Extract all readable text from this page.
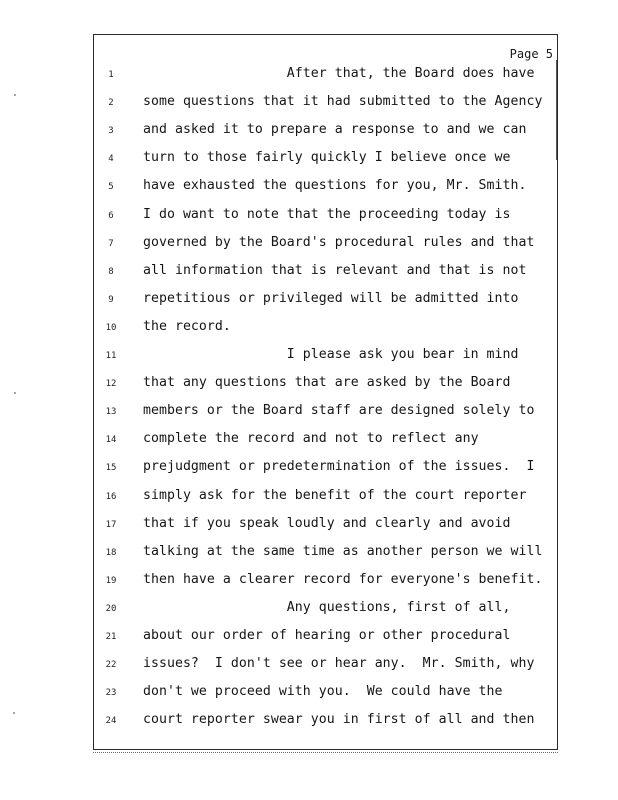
Page 5
1	After that, the Board does have
2	some questions that it had submitted to the Agency
3	and asked it to prepare a response to and we can
4	turn to those fairly quickly I believe once we
5	have exhausted the questions for you, Mr. Smith.
6	I do want to note that the proceeding today is
7	governed by the Board's procedural rules and that
8	all information that is relevant and that is not
9	repetitious or privileged will be admitted into
10	the record.
11	I please ask you bear in mind
12	that any questions that are asked by the Board
13	members or the Board staff are designed solely to
14	complete the record and not to reflect any
15	prejudgment or predetermination of the issues.  I
16	simply ask for the benefit of the court reporter
17	that if you speak loudly and clearly and avoid
18	talking at the same time as another person we will
19	then have a clearer record for everyone's benefit.
20	Any questions, first of all,
21	about our order of hearing or other procedural
22	issues?  I don't see or hear any.  Mr. Smith, why
23	don't we proceed with you.  We could have the
24	court reporter swear you in first of all and then
